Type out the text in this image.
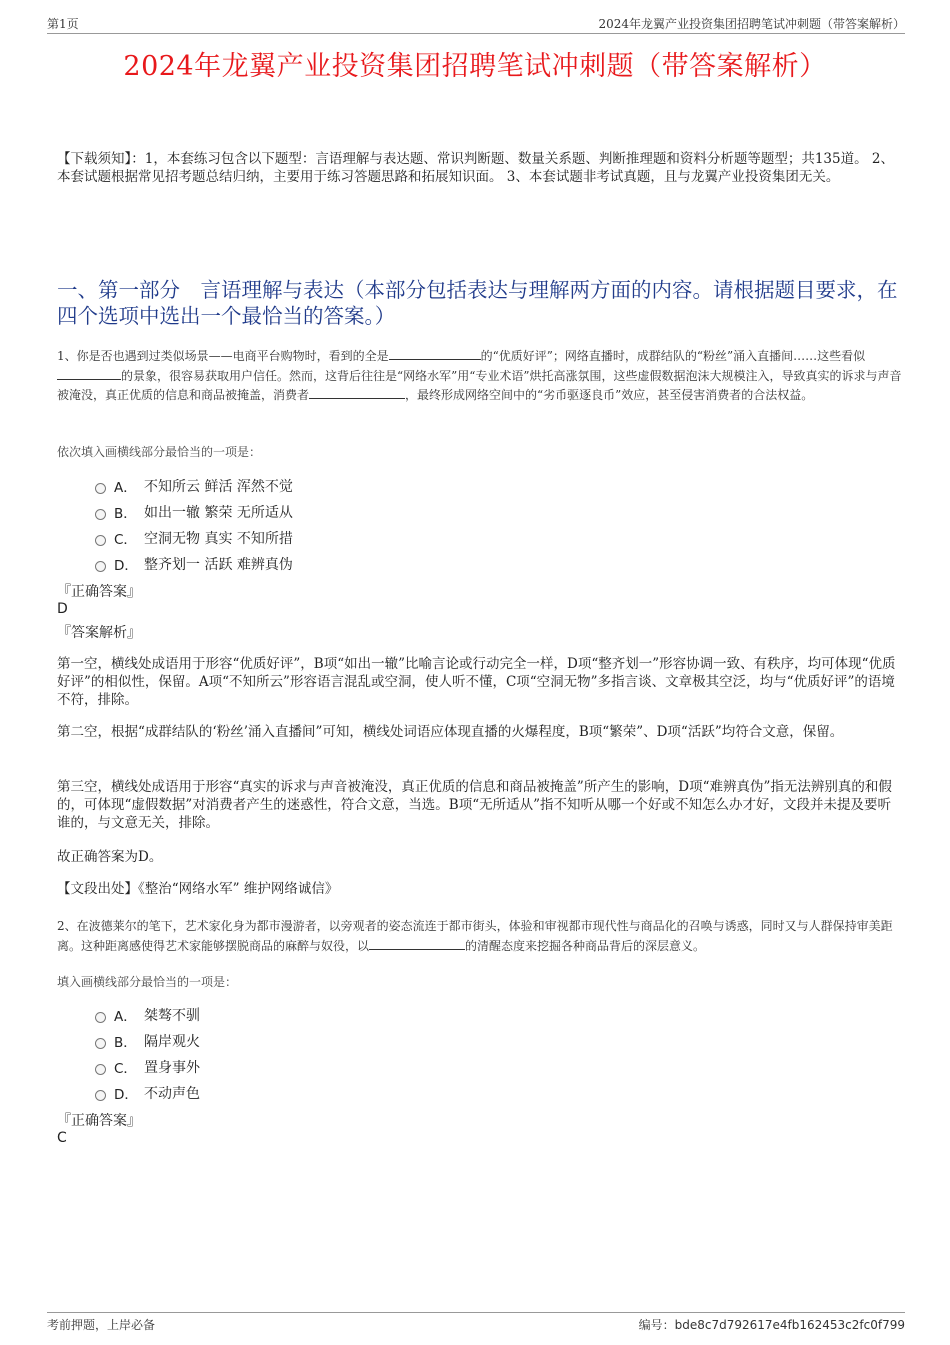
第1页	2024年龙翼产业投资集团招聘笔试冲刺题（带答案解析）
2024年龙翼产业投资集团招聘笔试冲刺题（带答案解析）
【下载须知】：1，本套练习包含以下题型：言语理解与表达题、常识判断题、数量关系题、判断推理题和资料分析题等题型；共135道。 2、本套试题根据常见招考题总结归纳，主要用于练习答题思路和拓展知识面。 3、本套试题非考试真题，且与龙翼产业投资集团无关。
一、第一部分　言语理解与表达（本部分包括表达与理解两方面的内容。请根据题目要求，在四个选项中选出一个最恰当的答案。）
1、你是否也遇到过类似场景——电商平台购物时，看到的全是	的“优质好评”；网络直播时，成群结队的“粉丝”涌入直播间……这些看似的景象，很容易获取用户信任。然而，这背后往往是“网络水军”用“专业术语”烘托高涨氛围，这些虚假数据泡沫大规模注入，导致真实的诉求与声音被淹没，真正优质的信息和商品被掩盖，消费者	，最终形成网络空间中的“劣币驱逐良币”效应，甚至侵害消费者的合法权益。
依次填入画横线部分最恰当的一项是：
A． 不知所云 鲜活 浑然不觉
B． 如出一辙 繁荣 无所适从
C． 空洞无物 真实 不知所措
D． 整齐划一 活跃 难辨真伪
『正确答案』
D
『答案解析』
第一空，横线处成语用于形容“优质好评”，B项“如出一辙”比喻言论或行动完全一样，D项“整齐划一”形容协调一致、有秩序，均可体现“优质好评”的相似性，保留。A项“不知所云”形容语言混乱或空洞，使人听不懂，C项“空洞无物”多指言谈、文章极其空泛，均与“优质好评”的语境不符，排除。
第二空，根据“成群结队的‘粉丝’涌入直播间”可知，横线处词语应体现直播的火爆程度，B项“繁荣”、D项“活跃”均符合文意，保留。
第三空，横线处成语用于形容“真实的诉求与声音被淹没，真正优质的信息和商品被掩盖”所产生的影响，D项“难辨真伪”指无法辨别真的和假的，可体现“虚假数据”对消费者产生的迷惑性，符合文意，当选。B项“无所适从”指不知听从哪一个好或不知怎么办才好，文段并未提及要听谁的，与文意无关，排除。
故正确答案为D。
【文段出处】《整治“网络水军” 维护网络诚信》
2、在波德莱尔的笔下，艺术家化身为都市漫游者，以旁观者的姿态流连于都市街头，体验和审视都市现代性与商品化的召唤与诱惑，同时又与人群保持审美距离。这种距离感使得艺术家能够摆脱商品的麻醉与奴役，以	的清醒态度来挖掘各种商品背后的深层意义。
填入画横线部分最恰当的一项是：
A． 桀骜不驯
B． 隔岸观火
C． 置身事外
D． 不动声色
『正确答案』
C
考前押题，上岸必备	编号：bde8c7d792617e4fb162453c2fc0f799
